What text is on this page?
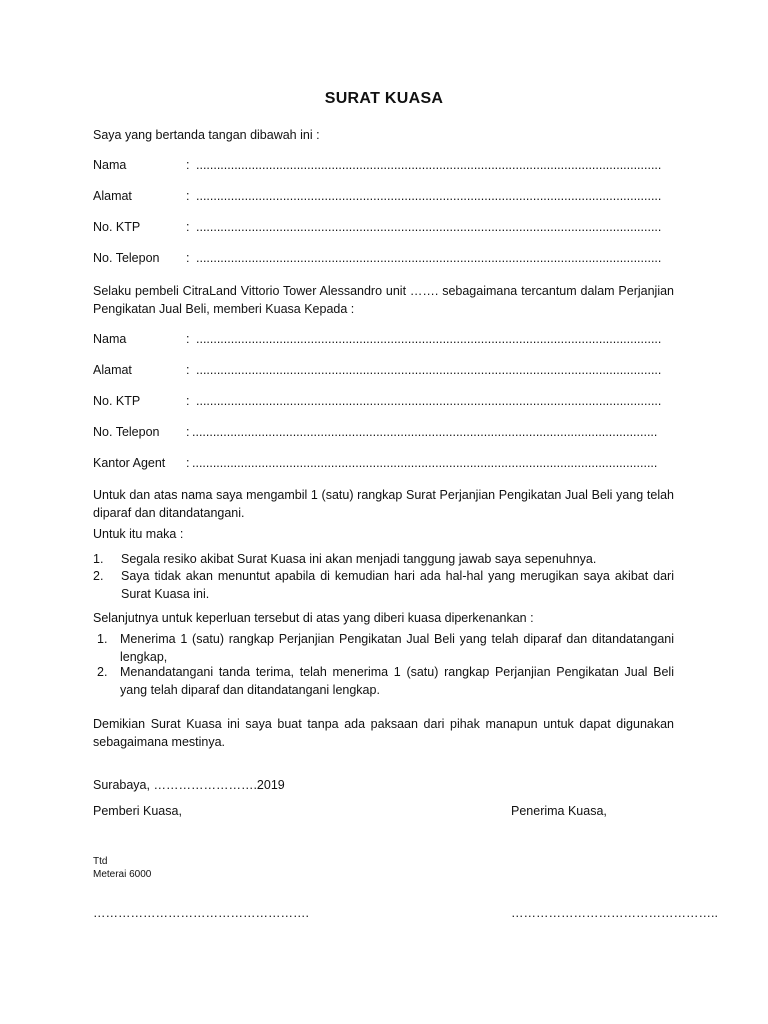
SURAT KUASA
Saya yang bertanda tangan dibawah ini :
Nama	: ......................................................................................................................................
Alamat	: ......................................................................................................................................
No. KTP	: ......................................................................................................................................
No. Telepon : ......................................................................................................................................
Selaku pembeli CitraLand Vittorio Tower Alessandro unit ……. sebagaimana tercantum dalam Perjanjian Pengikatan Jual Beli, memberi Kuasa Kepada :
Nama	: ......................................................................................................................................
Alamat	: ......................................................................................................................................
No. KTP	: ......................................................................................................................................
No. Telepon : ......................................................................................................................................
Kantor Agent : ......................................................................................................................................
Untuk dan atas nama saya mengambil 1 (satu) rangkap Surat Perjanjian Pengikatan Jual Beli yang telah diparaf dan ditandatangani.
Untuk itu maka :
1. Segala resiko akibat Surat Kuasa ini akan menjadi tanggung jawab saya sepenuhnya.
2. Saya tidak akan menuntut apabila di kemudian hari ada hal-hal yang merugikan saya akibat dari Surat Kuasa ini.
Selanjutnya untuk keperluan tersebut di atas yang diberi kuasa diperkenankan :
1. Menerima 1 (satu) rangkap Perjanjian Pengikatan Jual Beli yang telah diparaf dan ditandatangani lengkap,
2. Menandatangani tanda terima, telah menerima 1 (satu) rangkap Perjanjian Pengikatan Jual Beli yang telah diparaf dan ditandatangani lengkap.
Demikian Surat Kuasa ini saya buat tanpa ada paksaan dari pihak manapun untuk dapat digunakan sebagaimana mestinya.
Surabaya, …………………….2019
Pemberi Kuasa,	Penerima Kuasa,
Ttd
Meterai 6000
…………………………………………….	…………………………………………..
